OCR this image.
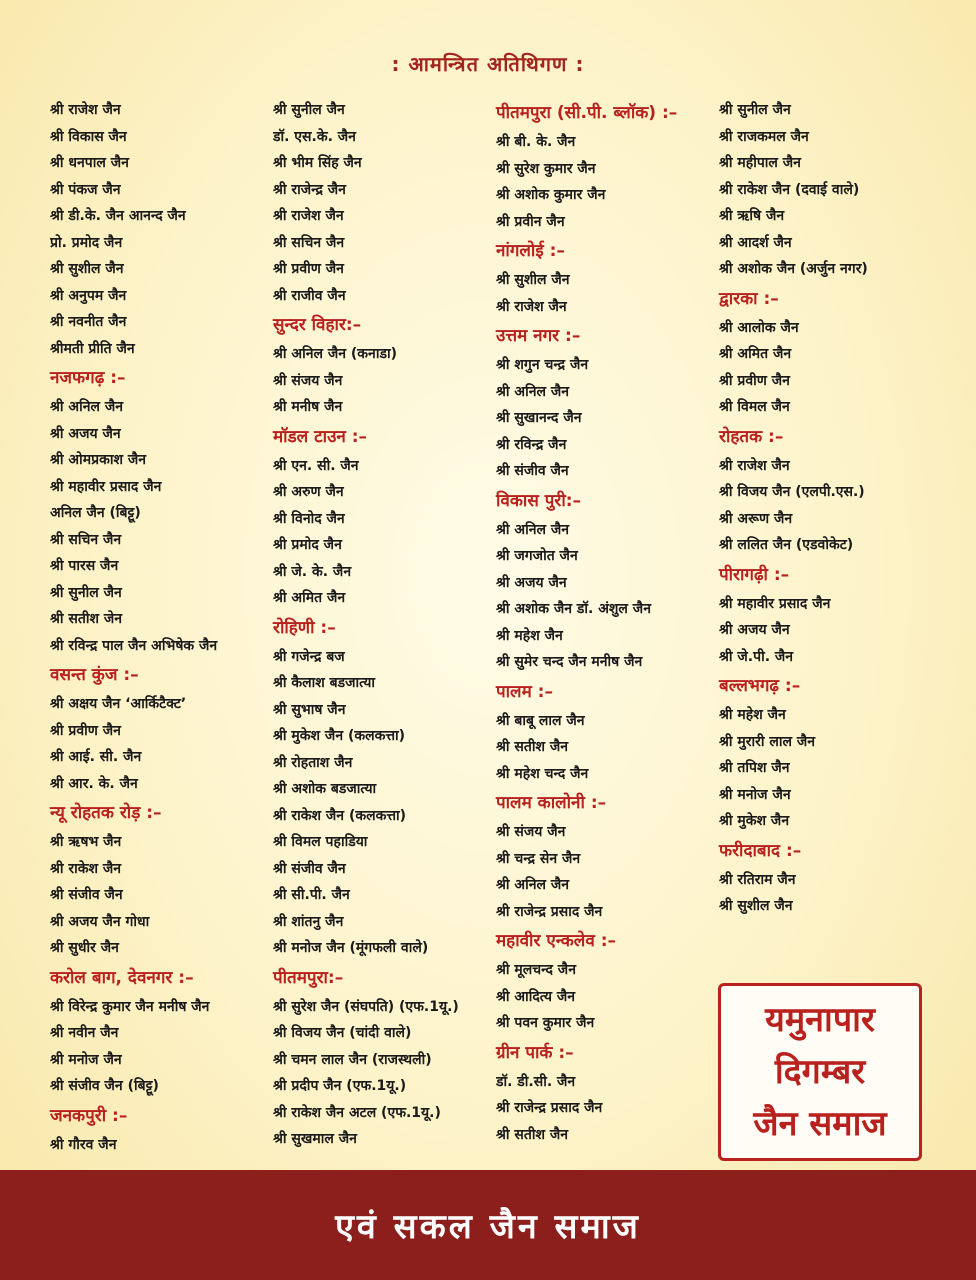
: आमन्त्रित अतिथिगण :
श्री राजेश जैन
श्री विकास जैन
श्री धनपाल जैन
श्री पंकज जैन
श्री डी.के. जैन आनन्द जैन
प्रो. प्रमोद जैन
श्री सुशील जैन
श्री अनुपम जैन
श्री नवनीत जैन
श्रीमती प्रीति जैन
नजफगढ़ :–
श्री अनिल जैन
श्री अजय जैन
श्री ओमप्रकाश जैन
श्री महावीर प्रसाद जैन
अनिल जैन (बिट्टू)
श्री सचिन जैन
श्री पारस जैन
श्री सुनील जैन
श्री सतीश जेन
श्री रविन्द्र पाल जैन अभिषेक जैन
वसन्त कुंज :–
श्री अक्षय जैन ‘आर्किटैक्ट’
श्री प्रवीण जैन
श्री आई. सी. जैन
श्री आर. के. जैन
न्यू रोहतक रोड़ :–
श्री ऋषभ जैन
श्री राकेश जैन
श्री संजीव जैन
श्री अजय जैन गोधा
श्री सुधीर जैन
करोल बाग, देवनगर :–
श्री विरेन्द्र कुमार जैन मनीष जैन
श्री नवीन जैन
श्री मनोज जैन
श्री संजीव जैन (बिट्टू)
जनकपुरी :–
श्री गौरव जैन
श्री सुनील जैन
डॉ. एस.के. जैन
श्री भीम सिंह जैन
श्री राजेन्द्र जैन
श्री राजेश जैन
श्री सचिन जैन
श्री प्रवीण जैन
श्री राजीव जैन
सुन्दर विहार:–
श्री अनिल जैन (कनाडा)
श्री संजय जैन
श्री मनीष जैन
मॉडल टाउन :–
श्री एन. सी. जैन
श्री अरुण जैन
श्री विनोद जैन
श्री प्रमोद जैन
श्री जे. के. जैन
श्री अमित जैन
रोहिणी :–
श्री गजेन्द्र बज
श्री कैलाश बडजात्या
श्री सुभाष जैन
श्री मुकेश जैन (कलकत्ता)
श्री रोहताश जैन
श्री अशोक बडजात्या
श्री राकेश जैन (कलकत्ता)
श्री विमल पहाडिया
श्री संजीव जैन
श्री सी.पी. जैन
श्री शांतनु जैन
श्री मनोज जैन (मूंगफली वाले)
पीतमपुरा:–
श्री सुरेश जैन (संघपति) (एफ.1यू.)
श्री विजय जैन (चांदी वाले)
श्री चमन लाल जैन (राजस्थली)
श्री प्रदीप जैन (एफ.1यू.)
श्री राकेश जैन अटल (एफ.1यू.)
श्री सुखमाल जैन
पीतमपुरा (सी.पी. ब्लॉक) :–
श्री बी. के. जैन
श्री सुरेश कुमार जैन
श्री अशोक कुमार जैन
श्री प्रवीन जैन
नांगलोई :–
श्री सुशील जैन
श्री राजेश जैन
उत्तम नगर :–
श्री शगुन चन्द्र जैन
श्री अनिल जैन
श्री सुखानन्द जैन
श्री रविन्द्र जैन
श्री संजीव जैन
विकास पुरी:–
श्री अनिल जैन
श्री जगजोत जैन
श्री अजय जैन
श्री अशोक जैन डॉ. अंशुल जैन
श्री महेश जैन
श्री सुमेर चन्द जैन मनीष जैन
पालम :–
श्री बाबू लाल जैन
श्री सतीश जैन
श्री महेश चन्द जैन
पालम कालोनी :–
श्री संजय जैन
श्री चन्द्र सेन जैन
श्री अनिल जैन
श्री राजेन्द्र प्रसाद जैन
महावीर एन्कलेव :–
श्री मूलचन्द जैन
श्री आदित्य जैन
श्री पवन कुमार जैन
ग्रीन पार्क :–
डॉ. डी.सी. जैन
श्री राजेन्द्र प्रसाद जैन
श्री सतीश जैन
श्री सुनील जैन
श्री राजकमल जैन
श्री महीपाल जैन
श्री राकेश जैन (दवाई वाले)
श्री ऋषि जैन
श्री आदर्श जैन
श्री अशोक जैन (अर्जुन नगर)
द्वारका :–
श्री आलोक जैन
श्री अमित जैन
श्री प्रवीण जैन
श्री विमल जैन
रोहतक :–
श्री राजेश जैन
श्री विजय जैन (एलपी.एस.)
श्री अरूण जैन
श्री ललित जैन (एडवोकेट)
पीरागढ़ी :–
श्री महावीर प्रसाद जैन
श्री अजय जैन
श्री जे.पी. जैन
बल्लभगढ़ :–
श्री महेश जैन
श्री मुरारी लाल जैन
श्री तपिश जैन
श्री मनोज जैन
श्री मुकेश जैन
फरीदाबाद :–
श्री रतिराम जैन
श्री सुशील जैन
यमुनापार
दिगम्बर
जैन समाज
एवं सकल जैन समाज
